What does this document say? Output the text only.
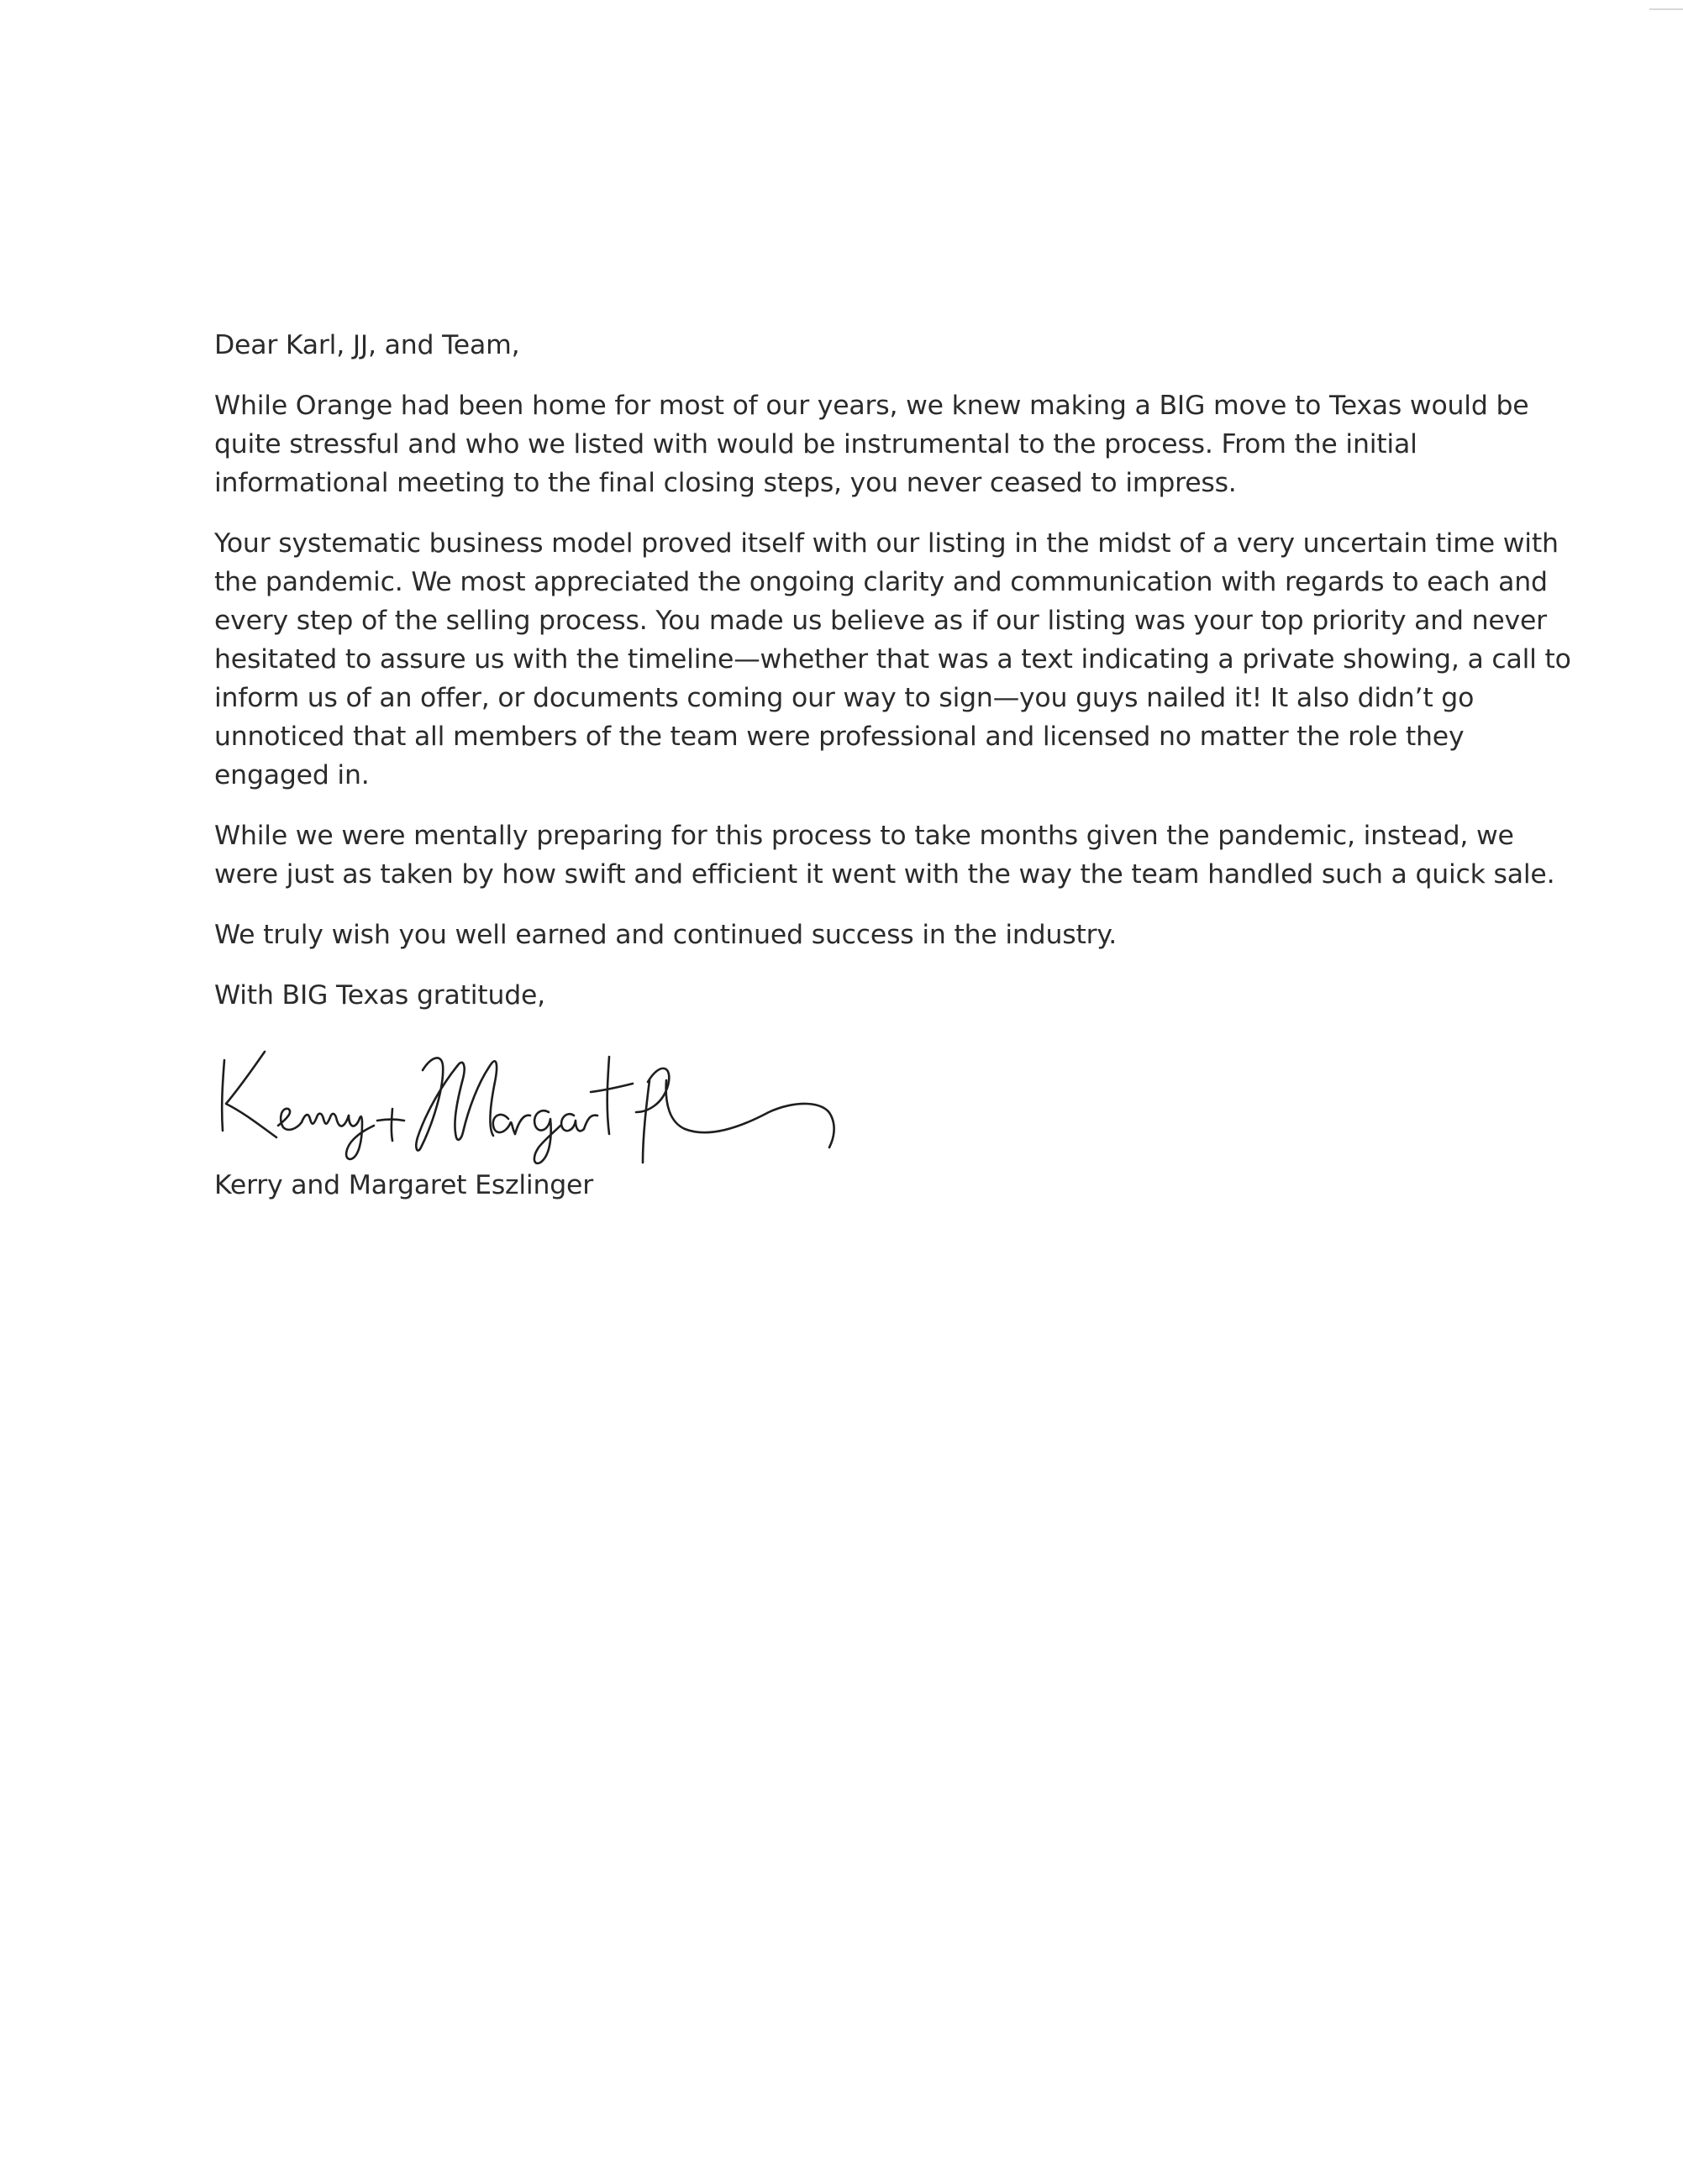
Dear Karl, JJ, and Team,

While Orange had been home for most of our years, we knew making a BIG move to Texas would be
quite stressful and who we listed with would be instrumental to the process. From the initial
informational meeting to the final closing steps, you never ceased to impress.

Your systematic business model proved itself with our listing in the midst of a very uncertain time with
the pandemic. We most appreciated the ongoing clarity and communication with regards to each and
every step of the selling process. You made us believe as if our listing was your top priority and never
hesitated to assure us with the timeline—whether that was a text indicating a private showing, a call to
inform us of an offer, or documents coming our way to sign—you guys nailed it! It also didn’t go
unnoticed that all members of the team were professional and licensed no matter the role they
engaged in.

While we were mentally preparing for this process to take months given the pandemic, instead, we
were just as taken by how swift and efficient it went with the way the team handled such a quick sale.

We truly wish you well earned and continued success in the industry.

With BIG Texas gratitude,

Kerry + Margaret

Kerry and Margaret Eszlinger
